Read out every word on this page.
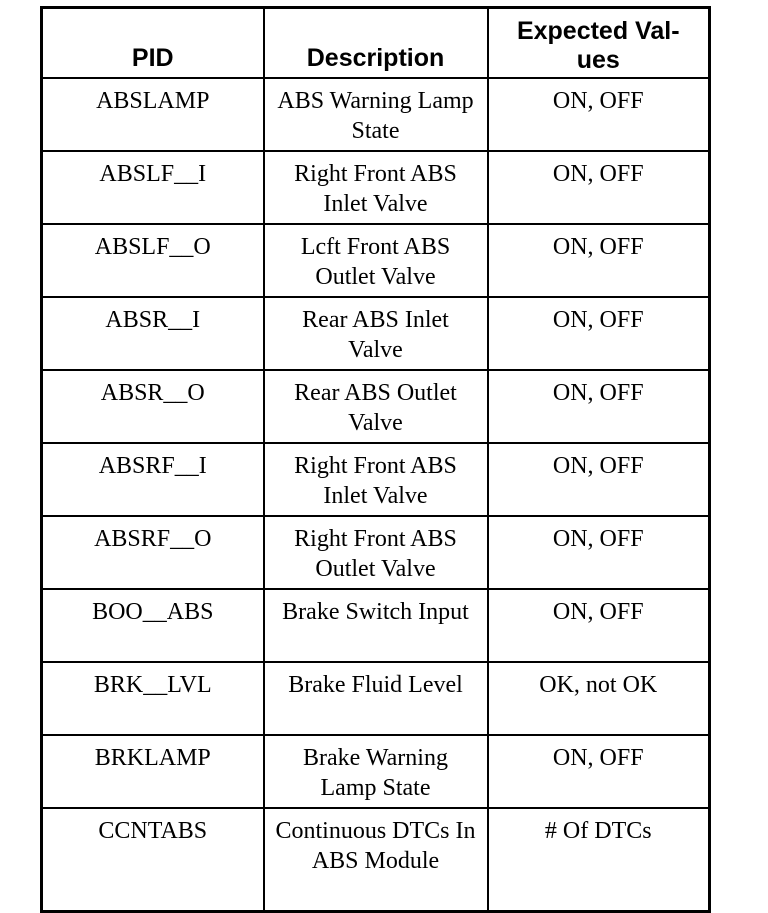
PID	Description	Expected Val-
ues
ABSLAMP	ABS Warning Lamp State	ON, OFF
ABSLF__I	Right Front ABS Inlet Valve	ON, OFF
ABSLF__O	Lcft Front ABS Outlet Valve	ON, OFF
ABSR__I	Rear ABS Inlet Valve	ON, OFF
ABSR__O	Rear ABS Outlet Valve	ON, OFF
ABSRF__I	Right Front ABS Inlet Valve	ON, OFF
ABSRF__O	Right Front ABS Outlet Valve	ON, OFF
BOO__ABS	Brake Switch Input	ON, OFF
BRK__LVL	Brake Fluid Level	OK, not OK
BRKLAMP	Brake Warning Lamp State	ON, OFF
CCNTABS	Continuous DTCs In ABS Module	# Of DTCs
